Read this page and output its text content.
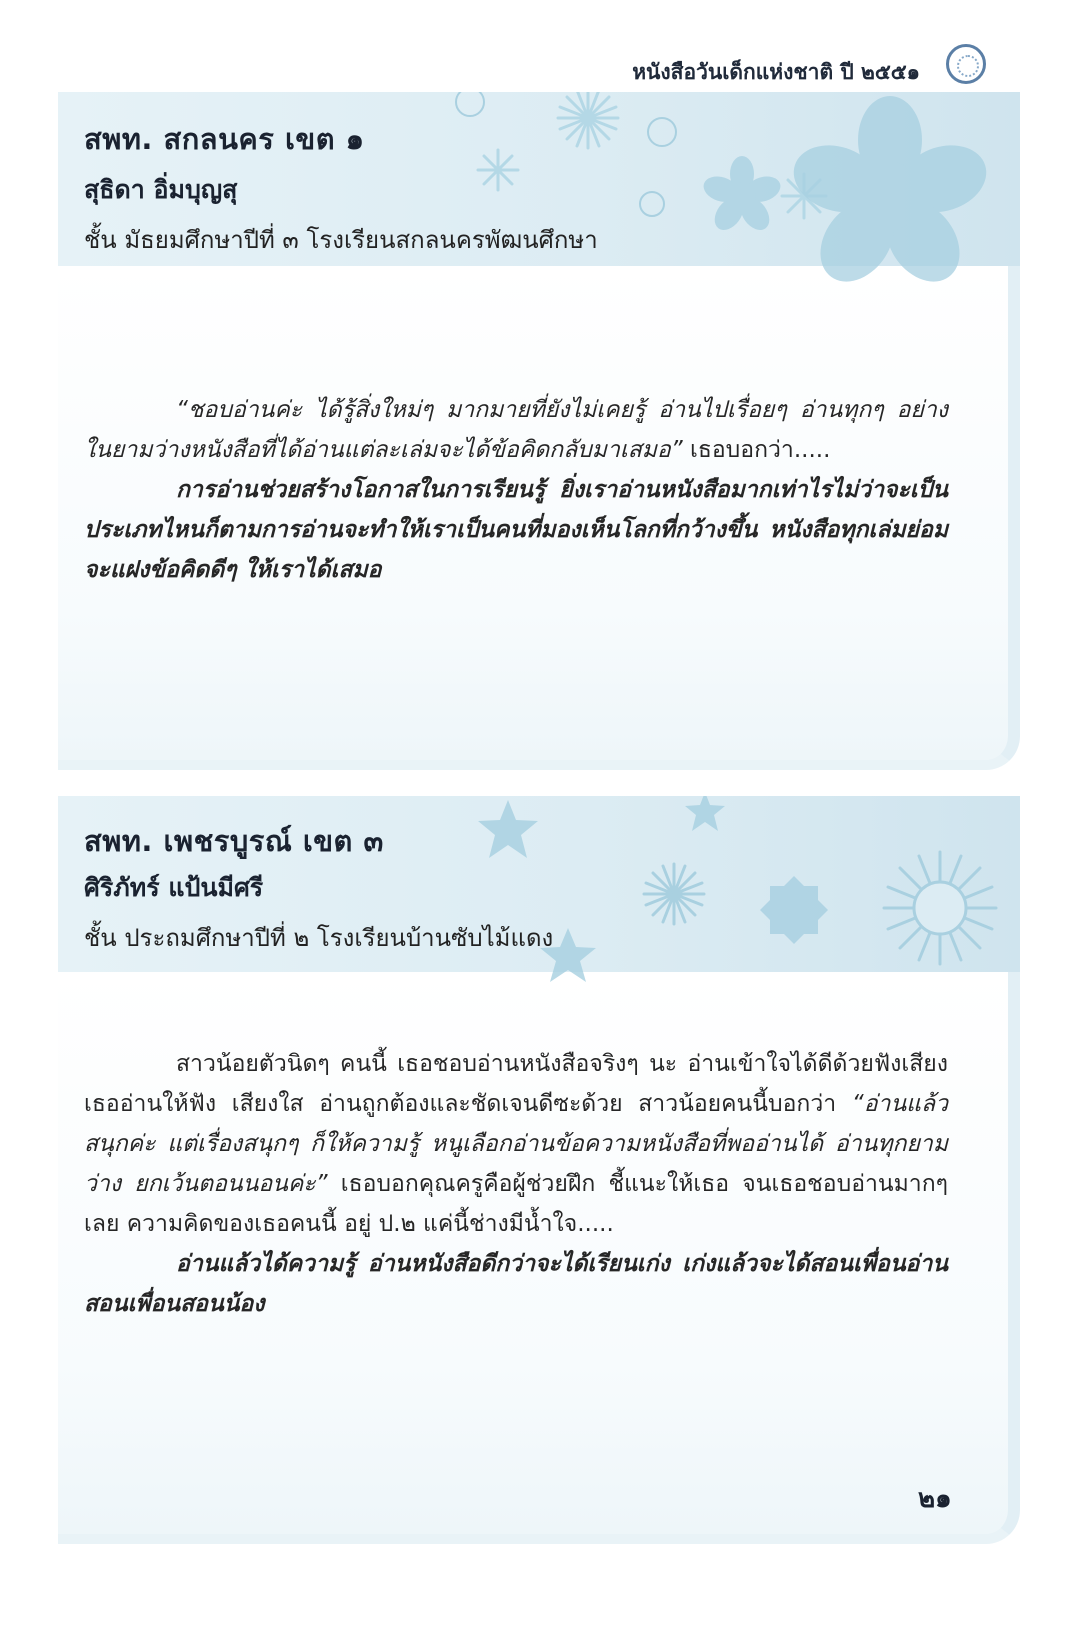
หนังสือวันเด็กแห่งชาติ ปี ๒๕๕๑
สพท. สกลนคร เขต ๑
สุธิดา อิ่มบุญสุ
ชั้น มัธยมศึกษาปีที่ ๓ โรงเรียนสกลนครพัฒนศึกษา

“ชอบอ่านค่ะ ได้รู้สิ่งใหม่ๆ มากมายที่ยังไม่เคยรู้ อ่านไปเรื่อยๆ อ่านทุกๆ อย่าง ในยามว่างหนังสือที่ได้อ่านแต่ละเล่มจะได้ข้อคิดกลับมาเสมอ” เธอบอกว่า.....

การอ่านช่วยสร้างโอกาสในการเรียนรู้ ยิ่งเราอ่านหนังสือมากเท่าไรไม่ว่าจะเป็นประเภทไหนก็ตามการอ่านจะทำให้เราเป็นคนที่มองเห็นโลกที่กว้างขึ้น หนังสือทุกเล่มย่อมจะแฝงข้อคิดดีๆ ให้เราได้เสมอ

สพท. เพชรบูรณ์ เขต ๓
ศิริภัทร์ แป้นมีศรี
ชั้น ประถมศึกษาปีที่ ๒ โรงเรียนบ้านซับไม้แดง

สาวน้อยตัวนิดๆ คนนี้ เธอชอบอ่านหนังสือจริงๆ นะ อ่านเข้าใจได้ดีด้วยฟังเสียงเธออ่านให้ฟัง เสียงใส อ่านถูกต้องและชัดเจนดีซะด้วย สาวน้อยคนนี้บอกว่า “อ่านแล้วสนุกค่ะ แต่เรื่องสนุกๆ ก็ให้ความรู้ หนูเลือกอ่านข้อความหนังสือที่พออ่านได้ อ่านทุกยามว่าง ยกเว้นตอนนอนค่ะ” เธอบอกคุณครูคือผู้ช่วยฝึก ชี้แนะให้เธอ จนเธอชอบอ่านมากๆ เลย ความคิดของเธอคนนี้ อยู่ ป.๒ แค่นี้ช่างมีน้ำใจ.....

อ่านแล้วได้ความรู้ อ่านหนังสือดีกว่าจะได้เรียนเก่ง เก่งแล้วจะได้สอนเพื่อนอ่าน สอนเพื่อนสอนน้อง

๒๑
